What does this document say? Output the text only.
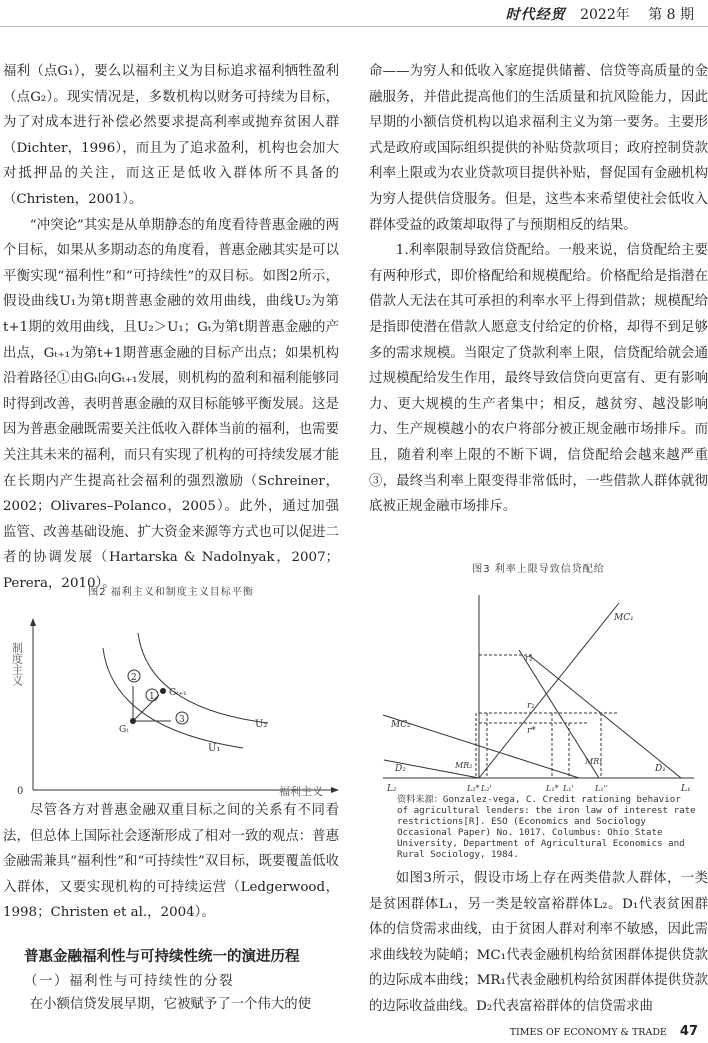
时代经贸 2022年 第 8 期

福利（点G₁），要么以福利主义为目标追求福利牺牲盈利（点G₂）。现实情况是，多数机构以财务可持续为目标，为了对成本进行补偿必然要求提高利率或抛弃贫困人群（Dichter，1996），而且为了追求盈利，机构也会加大对抵押品的关注，而这正是低收入群体所不具备的（Christen，2001）。

“冲突论”其实是从单期静态的角度看待普惠金融的两个目标，如果从多期动态的角度看，普惠金融其实是可以平衡实现“福利性”和“可持续性”的双目标。如图2所示，假设曲线U₁为第t期普惠金融的效用曲线，曲线U₂为第t+1期的效用曲线，且U₂＞U₁；Gₜ为第t期普惠金融的产出点，Gₜ₊₁为第t+1期普惠金融的目标产出点；如果机构沿着路径①由Gₜ向Gₜ₊₁发展，则机构的盈利和福利能够同时得到改善，表明普惠金融的双目标能够平衡发展。这是因为普惠金融既需要关注低收入群体当前的福利，也需要关注其未来的福利，而只有实现了机构的可持续发展才能在长期内产生提高社会福利的强烈激励（Schreiner，2002；Olivares–Polanco，2005）。此外，通过加强监管、改善基础设施、扩大资金来源等方式也可以促进二者的协调发展（Hartarska & Nadolnyak，2007；Perera，2010）。

图2 福利主义和制度主义目标平衡
制度主义
福利主义
0
U₁
U₂
Gₜ
Gₜ₊₁
2
1
3

尽管各方对普惠金融双重目标之间的关系有不同看法，但总体上国际社会逐渐形成了相对一致的观点：普惠金融需兼具“福利性”和“可持续性”双目标，既要覆盖低收入群体，又要实现机构的可持续运营（Ledgerwood，1998；Christen et al.，2004）。

普惠金融福利性与可持续性统一的演进历程
（一）福利性与可持续性的分裂

在小额信贷发展早期，它被赋予了一个伟大的使

命——为穷人和低收入家庭提供储蓄、信贷等高质量的金融服务，并借此提高他们的生活质量和抗风险能力，因此早期的小额信贷机构以追求福利主义为第一要务。主要形式是政府或国际组织提供的补贴贷款项目；政府控制贷款利率上限或为农业贷款项目提供补贴，督促国有金融机构为穷人提供信贷服务。但是，这些本来希望使社会低收入群体受益的政策却取得了与预期相反的结果。

1.利率限制导致信贷配给。一般来说，信贷配给主要有两种形式，即价格配给和规模配给。价格配给是指潜在借款人无法在其可承担的利率水平上得到借款；规模配给是指即使潜在借款人愿意支付给定的价格，却得不到足够多的需求规模。当限定了贷款利率上限，信贷配给就会通过规模配给发生作用，最终导致信贷向更富有、更有影响力、更大规模的生产者集中；相反，越贫穷、越没影响力、生产规模越小的农户将部分被正规金融市场排斥。而且，随着利率上限的不断下调，信贷配给会越来越严重③，最终当利率上限变得非常低时，一些借款人群体就彻底被正规金融市场排斥。

图3 利率上限导致信贷配给
MC₁
MC₂
r₁
r₂
r*
MR₂	MR₁
D₁
D₂
L₂	L₁
L₂* L₂'	L₁* L₁'	L₁''
资料来源：Gonzalez-vega, C. Credit rationing behavior of agricultural lenders: the iron law of interest rate restrictions[R]. ESO (Economics and Sociology Occasional Paper) No. 1017. Columbus: Ohio State University, Department of Agricultural Economics and Rural Sociology, 1984.

如图3所示，假设市场上存在两类借款人群体，一类是贫困群体L₁，另一类是较富裕群体L₂。D₁代表贫困群体的信贷需求曲线，由于贫困人群对利率不敏感，因此需求曲线较为陡峭；MC₁代表金融机构给贫困群体提供贷款的边际成本曲线；MR₁代表金融机构给贫困群体提供贷款的边际收益曲线。D₂代表富裕群体的信贷需求曲

TIMES OF ECONOMY & TRADE 47
